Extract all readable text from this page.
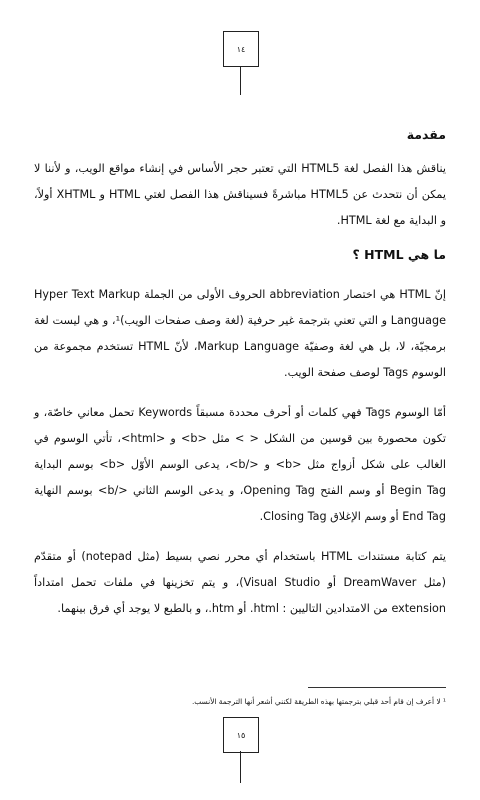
١٤
مقدمة

يناقش هذا الفصل لغة HTML5 التي تعتبر حجر الأساس في إنشاء مواقع الويب، و لأننا لا يمكن أن نتحدث عن HTML5 مباشرةً فسيناقش هذا الفصل لغتي HTML و XHTML أولاً، و البداية مع لغة HTML.

ما هي HTML ؟

إنّ HTML هي اختصار abbreviation الحروف الأولى من الجملة Hyper Text Markup Language و التي تعني بترجمة غير حرفية (لغة وصف صفحات الويب)¹، و هي ليست لغة برمجيّة، لا، بل هي لغة وصفيّة Markup Language، لأنّ HTML تستخدم مجموعة من الوسوم Tags لوصف صفحة الويب.

أمّا الوسوم Tags فهي كلمات أو أحرف محددة مسبقاً Keywords تحمل معاني خاصّة، و تكون محصورة بين قوسين من الشكل < > مثل <b> و <html>، تأتي الوسوم في الغالب على شكل أزواج مثل <b> و </b>، يدعى الوسم الأوّل <b> بوسم البداية Begin Tag أو وسم الفتح Opening Tag، و يدعى الوسم الثاني </b> بوسم النهاية End Tag أو وسم الإغلاق Closing Tag.

يتم كتابة مستندات HTML باستخدام أي محرر نصي بسيط (مثل notepad) أو متقدّم (مثل DreamWaver أو Visual Studio)، و يتم تخزينها في ملفات تحمل امتداداً extension من الامتدادين التاليين : html. أو htm.، و بالطبع لا يوجد أي فرق بينهما.

¹ لا أعرف إن قام أحد قبلي بترجمتها بهذه الطريقة لكنني أشعر أنها الترجمة الأنسب.
١٥
